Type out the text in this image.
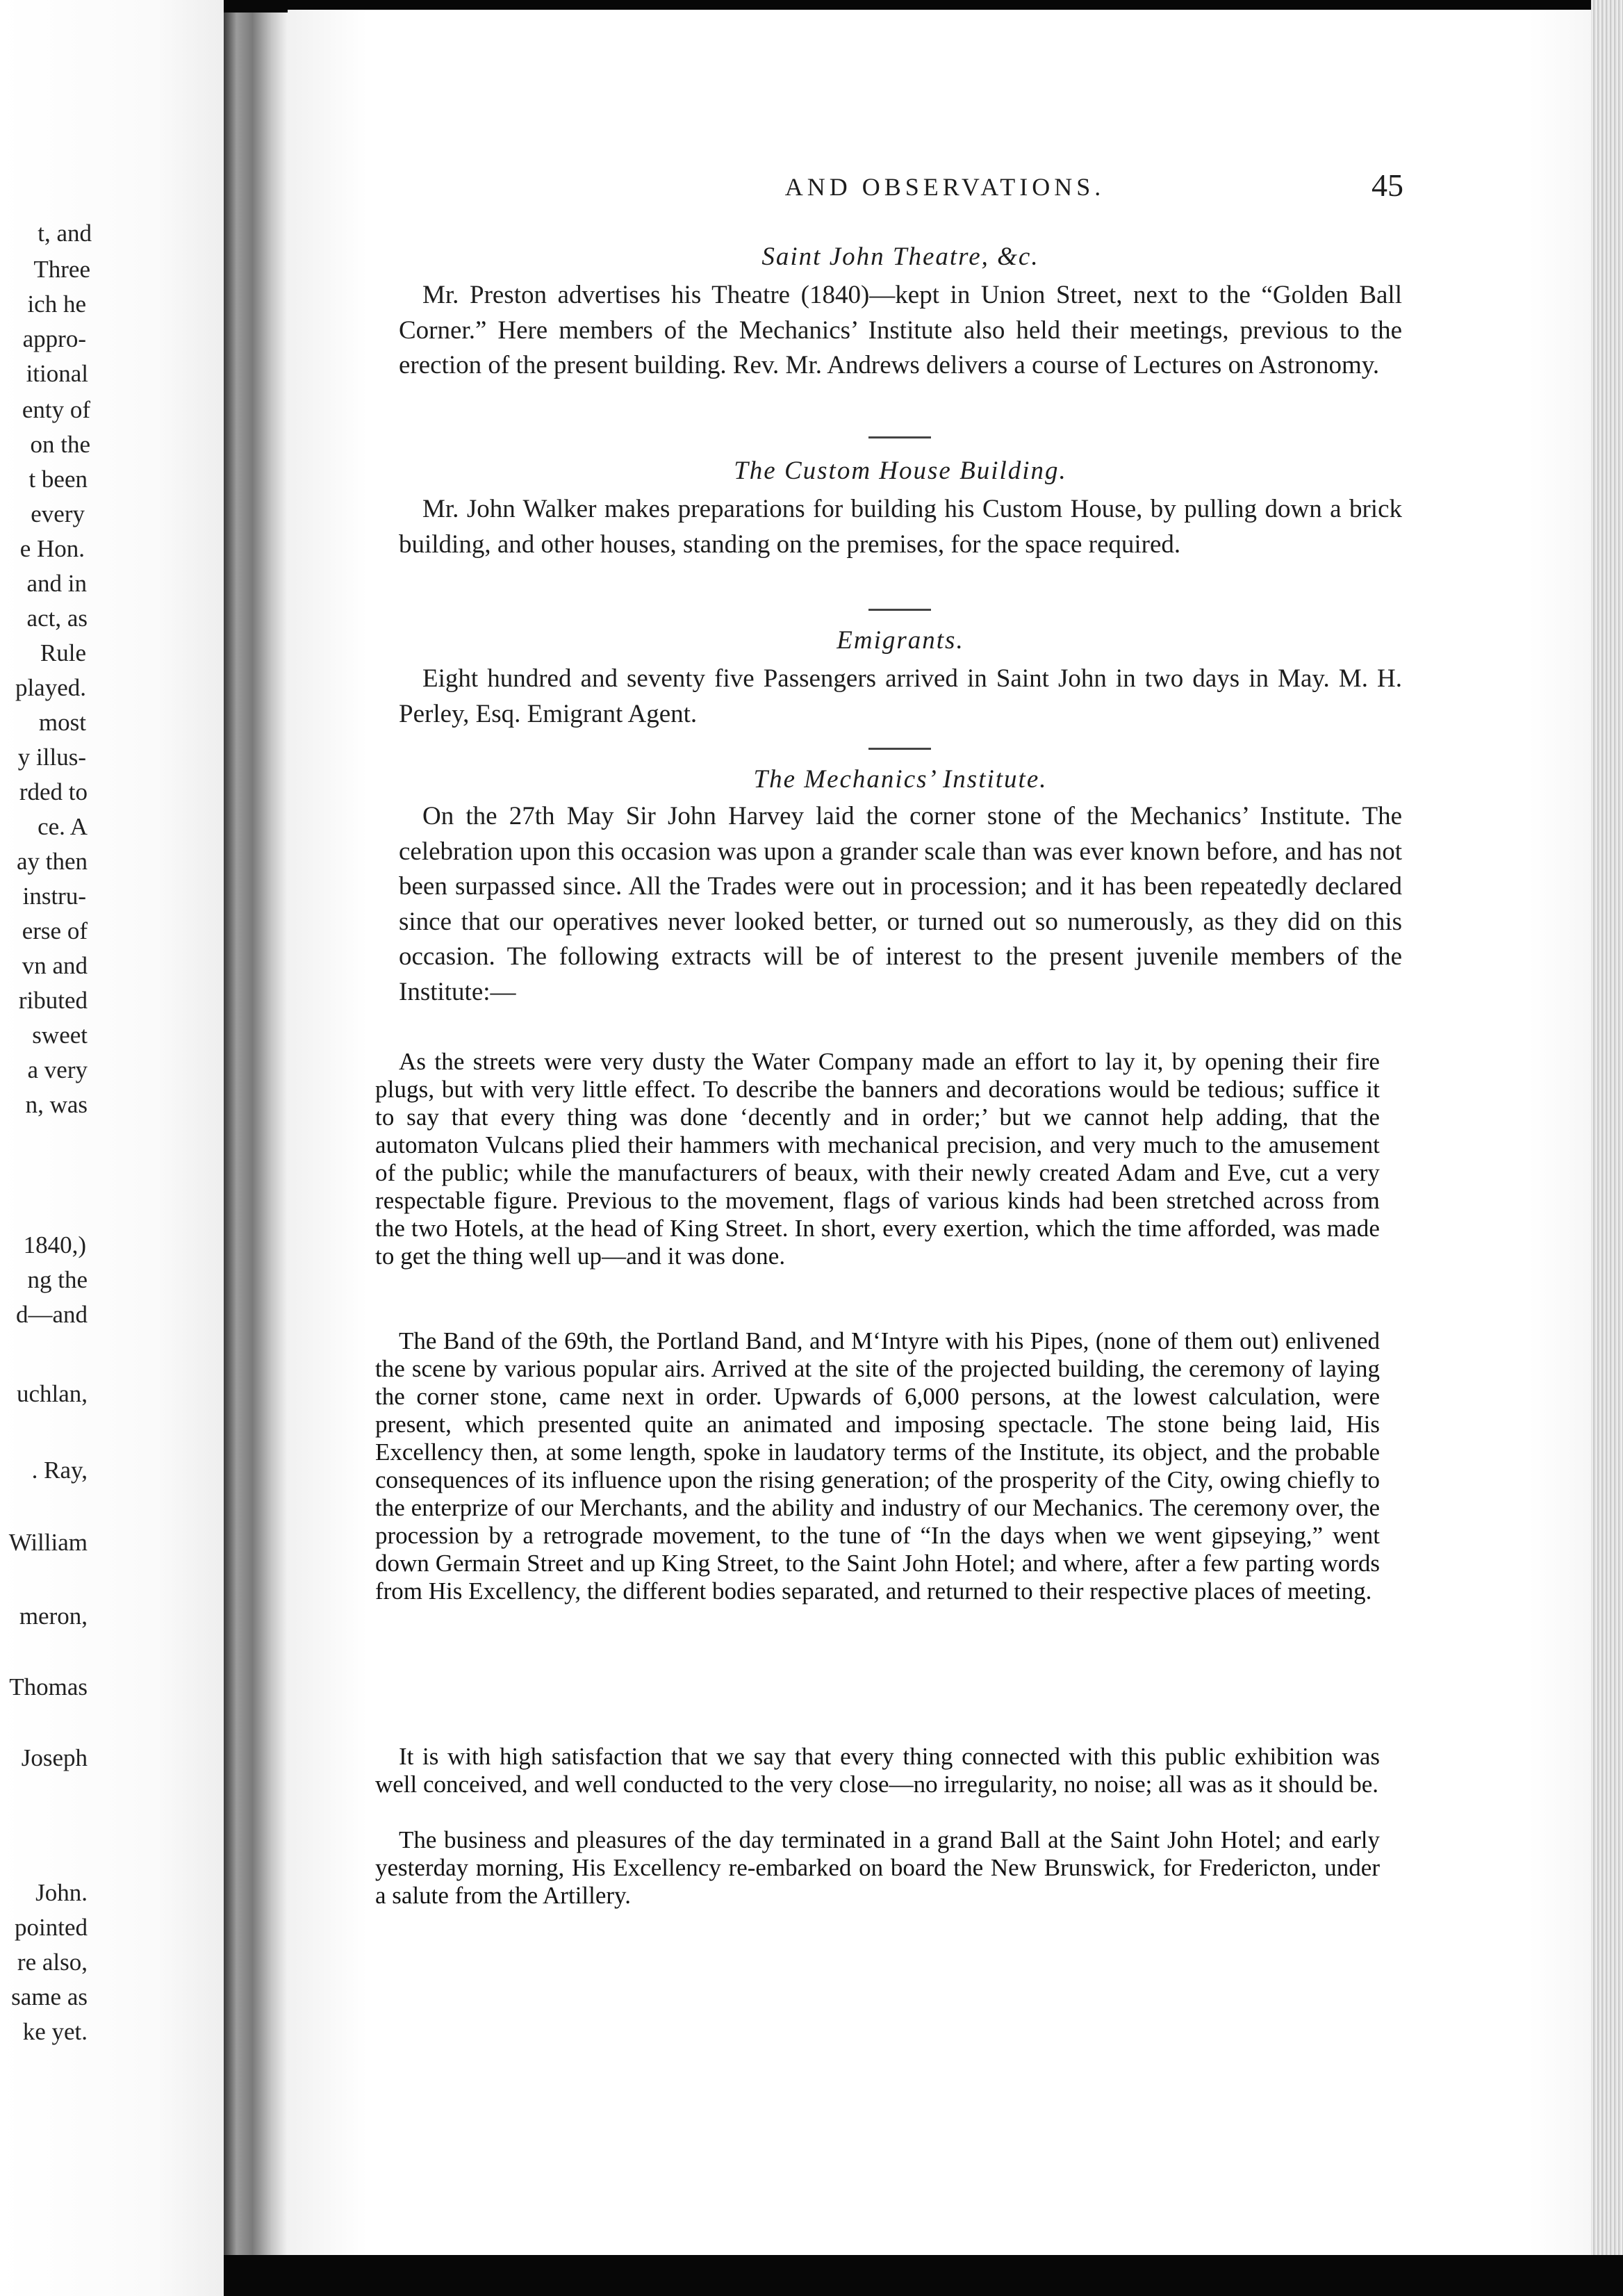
t, and
Three
ich he
appro-
itional
enty of
on the
t been
every
e Hon.
and in
act, as
Rule
played.
most
y illus-
rded to
ce. A
ay then
instru-
erse of
vn and
ributed
sweet
a very
n, was
1840,)
ng the
d—and
uchlan,
. Ray,
William
meron,
Thomas
Joseph
John.
pointed
re also,
same as
ke yet.
AND OBSERVATIONS.	45
Saint John Theatre, &c.
Mr. Preston advertises his Theatre (1840)—kept in Union Street, next to the “Golden Ball Corner.” Here members of the Mechanics’ Institute also held their meetings, previous to the erection of the present building. Rev. Mr. Andrews delivers a course of Lectures on Astronomy.
The Custom House Building.
Mr. John Walker makes preparations for building his Custom House, by pulling down a brick building, and other houses, standing on the premises, for the space required.
Emigrants.
Eight hundred and seventy five Passengers arrived in Saint John in two days in May. M. H. Perley, Esq. Emigrant Agent.
The Mechanics’ Institute.
On the 27th May Sir John Harvey laid the corner stone of the Mechanics’ Institute. The celebration upon this occasion was upon a grander scale than was ever known before, and has not been surpassed since. All the Trades were out in procession; and it has been repeatedly declared since that our operatives never looked better, or turned out so numerously, as they did on this occasion. The following extracts will be of interest to the present juvenile members of the Institute:—
As the streets were very dusty the Water Company made an effort to lay it, by opening their fire plugs, but with very little effect. To describe the banners and decorations would be tedious; suffice it to say that every thing was done ‘decently and in order;’ but we cannot help adding, that the automaton Vulcans plied their hammers with mechanical precision, and very much to the amusement of the public; while the manufacturers of beaux, with their newly created Adam and Eve, cut a very respectable figure. Previous to the movement, flags of various kinds had been stretched across from the two Hotels, at the head of King Street. In short, every exertion, which the time afforded, was made to get the thing well up—and it was done.
The Band of the 69th, the Portland Band, and M‘Intyre with his Pipes, (none of them out) enlivened the scene by various popular airs. Arrived at the site of the projected building, the ceremony of laying the corner stone, came next in order. Upwards of 6,000 persons, at the lowest calculation, were present, which presented quite an animated and imposing spectacle. The stone being laid, His Excellency then, at some length, spoke in laudatory terms of the Institute, its object, and the probable consequences of its influence upon the rising generation; of the prosperity of the City, owing chiefly to the enterprize of our Merchants, and the ability and industry of our Mechanics. The ceremony over, the procession by a retrograde movement, to the tune of “In the days when we went gipseying,” went down Germain Street and up King Street, to the Saint John Hotel; and where, after a few parting words from His Excellency, the different bodies separated, and returned to their respective places of meeting.
It is with high satisfaction that we say that every thing connected with this public exhibition was well conceived, and well conducted to the very close—no irregularity, no noise; all was as it should be.
The business and pleasures of the day terminated in a grand Ball at the Saint John Hotel; and early yesterday morning, His Excellency re-embarked on board the New Brunswick, for Fredericton, under a salute from the Artillery.
